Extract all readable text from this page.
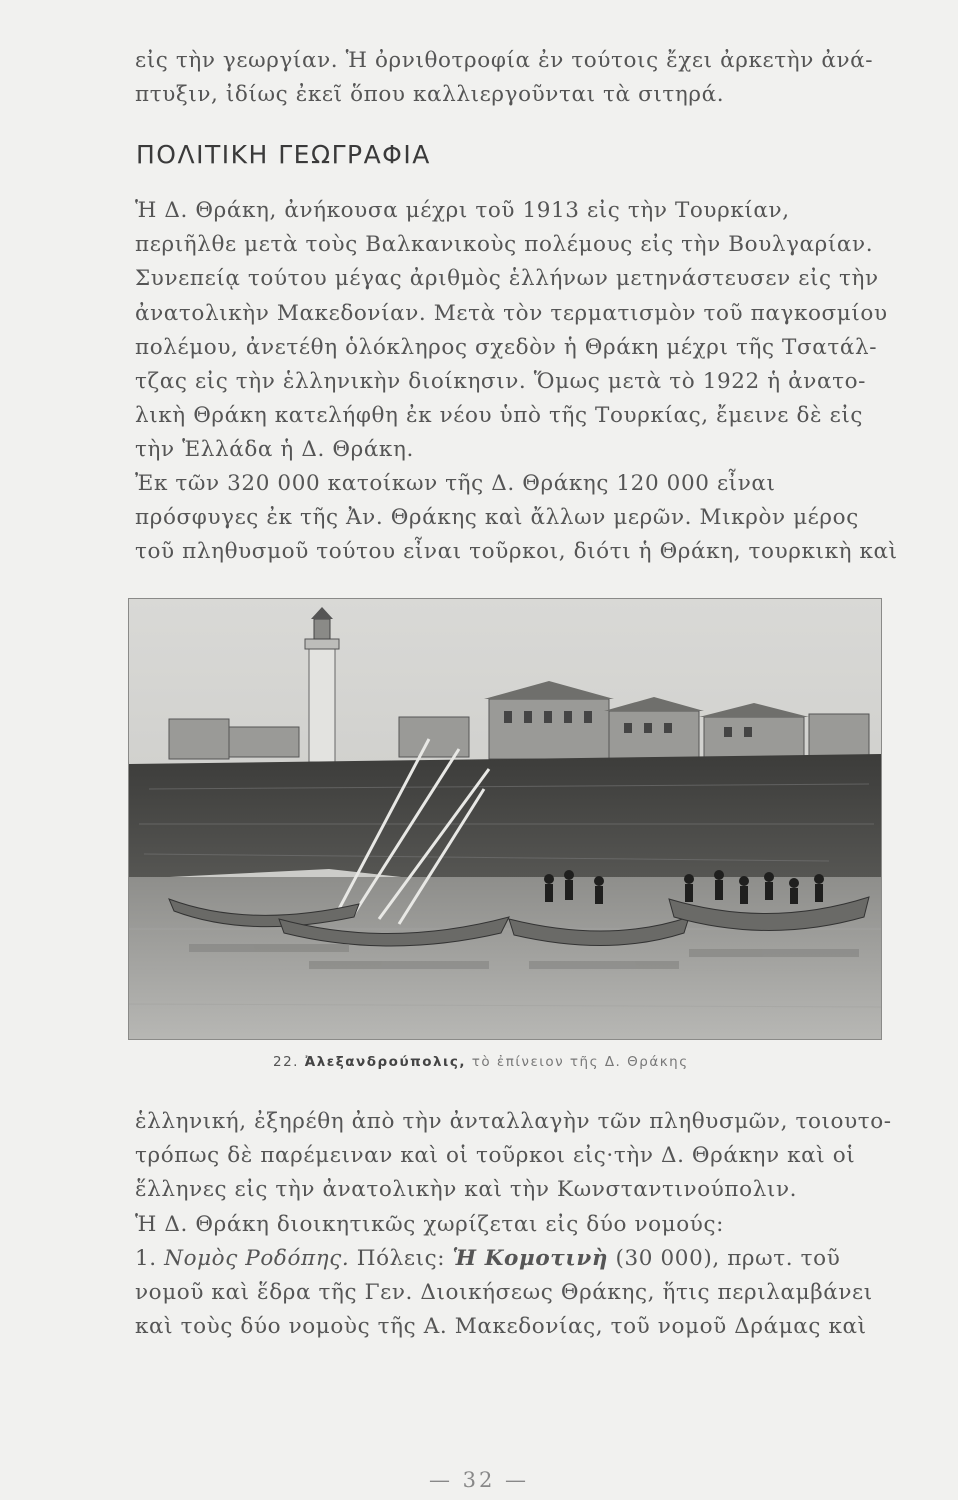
εἰς τὴν γεωργίαν. Ἡ ὀρνιθοτροφία ἐν τούτοις ἔχει ἀρκετὴν ἀνά-
πτυξιν, ἰδίως ἐκεῖ ὅπου καλλιεργοῦνται τὰ σιτηρά.
ΠΟΛΙΤΙΚΗ ΓΕΩΓΡΑΦΙΑ
Ἡ Δ. Θράκη, ἀνήκουσα μέχρι τοῦ 1913 εἰς τὴν Τουρκίαν,
περιῆλθε μετὰ τοὺς Βαλκανικοὺς πολέμους εἰς τὴν Βουλγαρίαν.
Συνεπείᾳ τούτου μέγας ἀριθμὸς ἑλλήνων μετηνάστευσεν εἰς τὴν
ἀνατολικὴν Μακεδονίαν. Μετὰ τὸν τερματισμὸν τοῦ παγκοσμίου
πολέμου, ἀνετέθη ὁλόκληρος σχεδὸν ἡ Θράκη μέχρι τῆς Τσατάλ-
τζας εἰς τὴν ἑλληνικὴν διοίκησιν. Ὅμως μετὰ τὸ 1922 ἡ ἀνατο-
λικὴ Θράκη κατελήφθη ἐκ νέου ὑπὸ τῆς Τουρκίας, ἔμεινε δὲ εἰς
τὴν Ἑλλάδα ἡ Δ. Θράκη.
Ἐκ τῶν 320 000 κατοίκων τῆς Δ. Θράκης 120 000 εἶναι
πρόσφυγες ἐκ τῆς Ἀν. Θράκης καὶ ἄλλων μερῶν. Μικρὸν μέρος
τοῦ πληθυσμοῦ τούτου εἶναι τοῦρκοι, διότι ἡ Θράκη, τουρκικὴ καὶ
22. Ἀλεξανδρούπολις, τὸ ἐπίνειον τῆς Δ. Θράκης
ἑλληνική, ἐξηρέθη ἀπὸ τὴν ἀνταλλαγὴν τῶν πληθυσμῶν, τοιουτο-
τρόπως δὲ παρέμειναν καὶ οἱ τοῦρκοι εἰς·τὴν Δ. Θράκην καὶ οἱ
ἕλληνες εἰς τὴν ἀνατολικὴν καὶ τὴν Κωνσταντινούπολιν.
Ἡ Δ. Θράκη διοικητικῶς χωρίζεται εἰς δύο νομούς:
1. Νομὸς Ροδόπης. Πόλεις: Ἡ Κομοτινὴ (30 000), πρωτ. τοῦ
νομοῦ καὶ ἕδρα τῆς Γεν. Διοικήσεως Θράκης, ἥτις περιλαμβάνει
καὶ τοὺς δύο νομοὺς τῆς Α. Μακεδονίας, τοῦ νομοῦ Δράμας καὶ
— 32 —
